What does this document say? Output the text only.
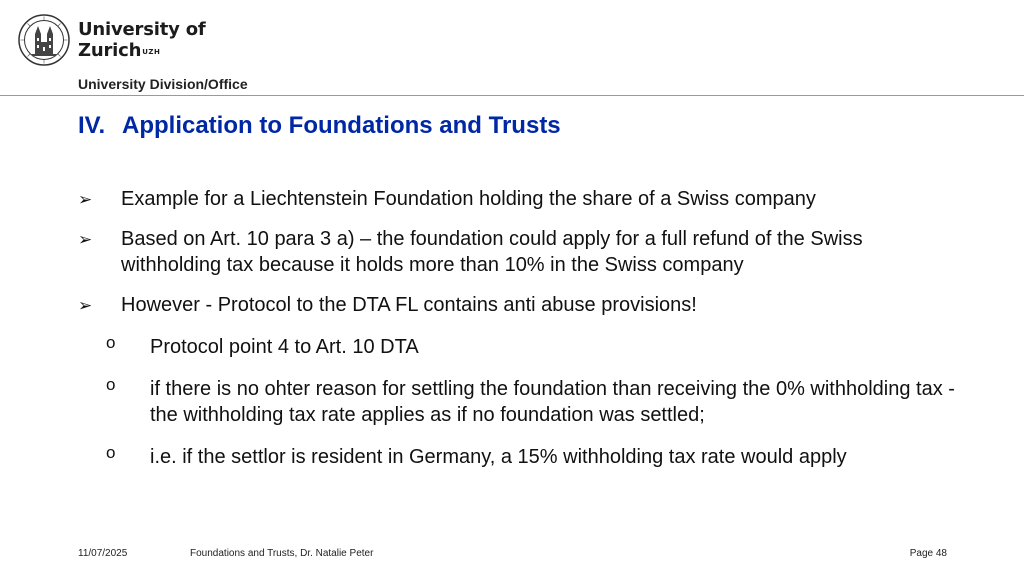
University of
Zurich$^{UZH}$
University Division/Office
IV. Application to Foundations and Trusts
➢ Example for a Liechtenstein Foundation holding the share of a Swiss company
➢ Based on Art. 10 para 3 a) – the foundation could apply for a full refund of the Swiss withholding tax because it holds more than 10% in the Swiss company
➢ However - Protocol to the DTA FL contains anti abuse provisions!
o Protocol point 4 to Art. 10 DTA
o if there is no ohter reason for settling the foundation than receiving the 0% withholding tax - the withholding tax rate applies as if no foundation was settled;
o i.e. if the settlor is resident in Germany, a 15% withholding tax rate would apply
11/07/2025	Foundations and Trusts, Dr. Natalie Peter	Page 48
